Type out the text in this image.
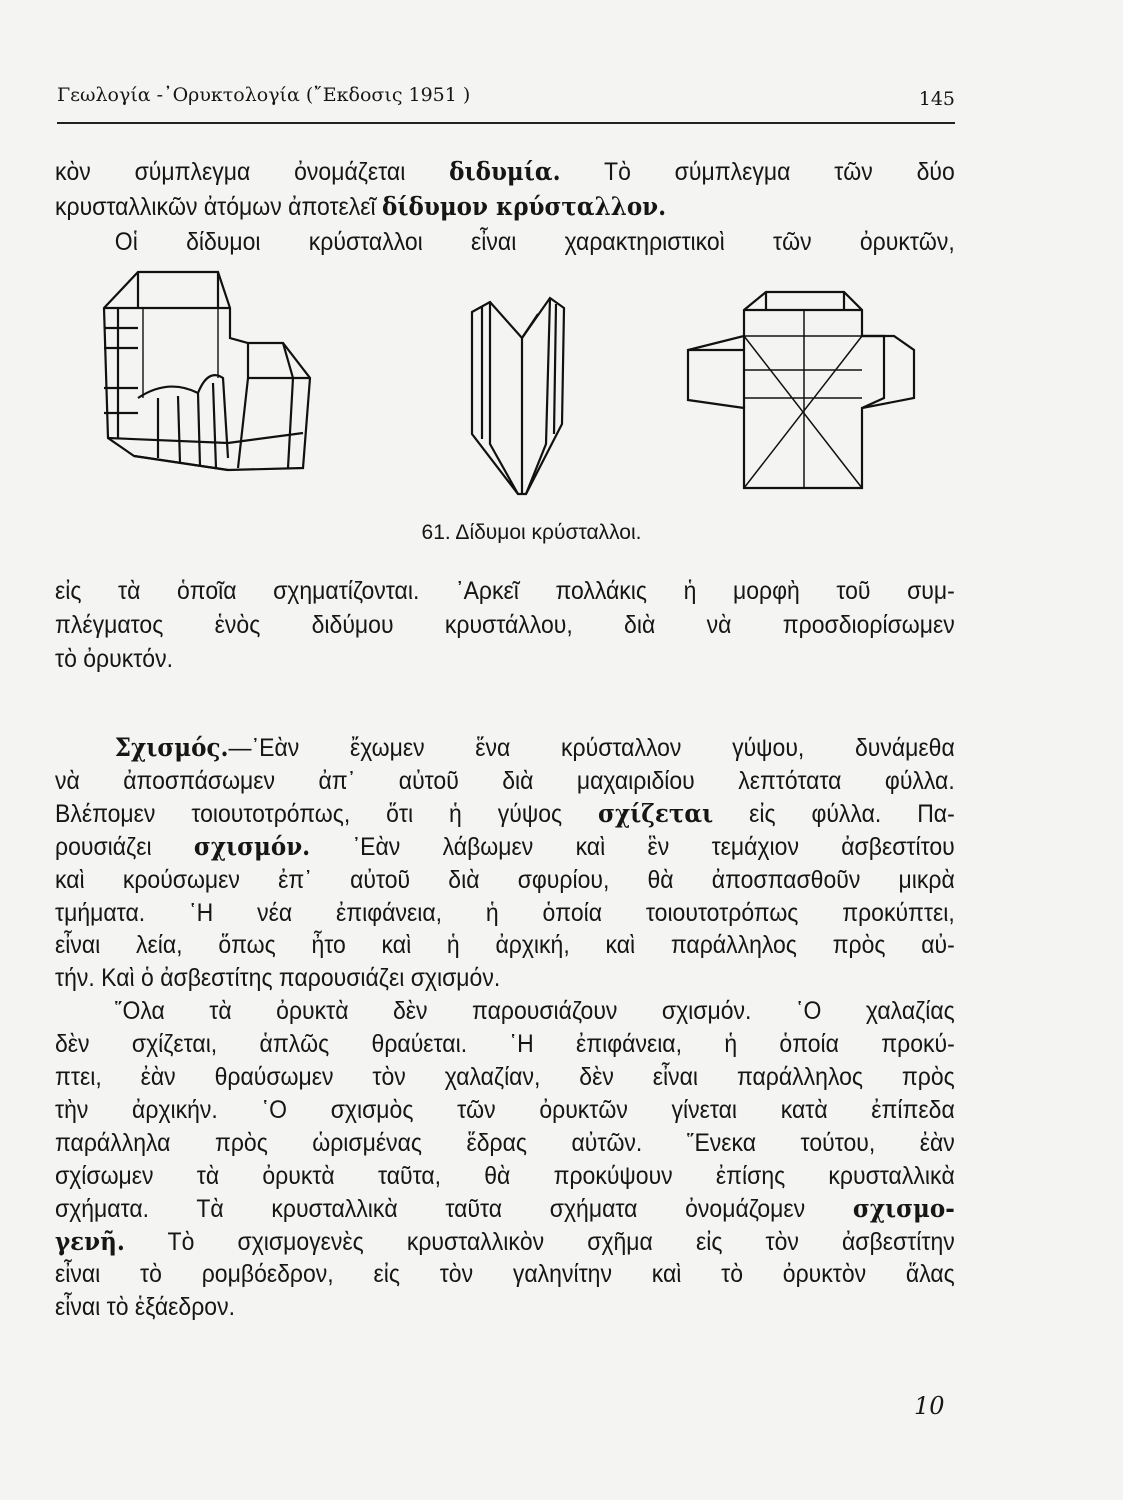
Γεωλογία -᾿Ορυκτολογία (῎Εκδοσις 1951 )	145
κὸν σύμπλεγμα ὀνομάζεται διδυμία. Τὸ σύμπλεγμα τῶν δύο
κρυσταλλικῶν ἀτόμων ἀποτελεῖ δίδυμον κρύσταλλον.
Οἱ δίδυμοι κρύσταλλοι εἶναι χαρακτηριστικοὶ τῶν ὀρυκτῶν,
εἰς τὰ ὁποῖα σχηματίζονται. ᾿Αρκεῖ πολλάκις ἡ μορφὴ τοῦ συμ-
πλέγματος ἑνὸς διδύμου κρυστάλλου, διὰ νὰ προσδιορίσωμεν
τὸ ὀρυκτόν.
Σχισμός.—᾿Εὰν ἔχωμεν ἕνα κρύσταλλον γύψου, δυνάμεθα
νὰ ἀποσπάσωμεν ἀπ᾿ αὐτοῦ διὰ μαχαιριδίου λεπτότατα φύλλα.
Βλέπομεν τοιουτοτρόπως, ὅτι ἡ γύψος σχίζεται εἰς φύλλα. Πα-
ρουσιάζει σχισμόν. ᾿Εὰν λάβωμεν καὶ ἓν τεμάχιον ἀσβεστίτου
καὶ κρούσωμεν ἐπ᾿ αὐτοῦ διὰ σφυρίου, θὰ ἀποσπασθοῦν μικρὰ
τμήματα. ῾Η νέα ἐπιφάνεια, ἡ ὁποία τοιουτοτρόπως προκύπτει,
εἶναι λεία, ὅπως ἦτο καὶ ἡ ἀρχική, καὶ παράλληλος πρὸς αὐ-
τήν. Καὶ ὁ ἀσβεστίτης παρουσιάζει σχισμόν.
῞Ολα τὰ ὀρυκτὰ δὲν παρουσιάζουν σχισμόν. ῾Ο χαλαζίας
δὲν σχίζεται, ἁπλῶς θραύεται. ῾Η ἐπιφάνεια, ἡ ὁποία προκύ-
πτει, ἐὰν θραύσωμεν τὸν χαλαζίαν, δὲν εἶναι παράλληλος πρὸς
τὴν ἀρχικήν. ῾Ο σχισμὸς τῶν ὀρυκτῶν γίνεται κατὰ ἐπίπεδα
παράλληλα πρὸς ὡρισμένας ἕδρας αὐτῶν. ῞Ενεκα τούτου, ἐὰν
σχίσωμεν τὰ ὀρυκτὰ ταῦτα, θὰ προκύψουν ἐπίσης κρυσταλλικὰ
σχήματα. Τὰ κρυσταλλικὰ ταῦτα σχήματα ὀνομάζομεν σχισμο-
γενῆ. Τὸ σχισμογενὲς κρυσταλλικὸν σχῆμα εἰς τὸν ἀσβεστίτην
εἶναι τὸ ρομβόεδρον, εἰς τὸν γαληνίτην καὶ τὸ ὀρυκτὸν ἅλας
εἶναι τὸ ἑξάεδρον.
61. Δίδυμοι κρύσταλλοι.
10
